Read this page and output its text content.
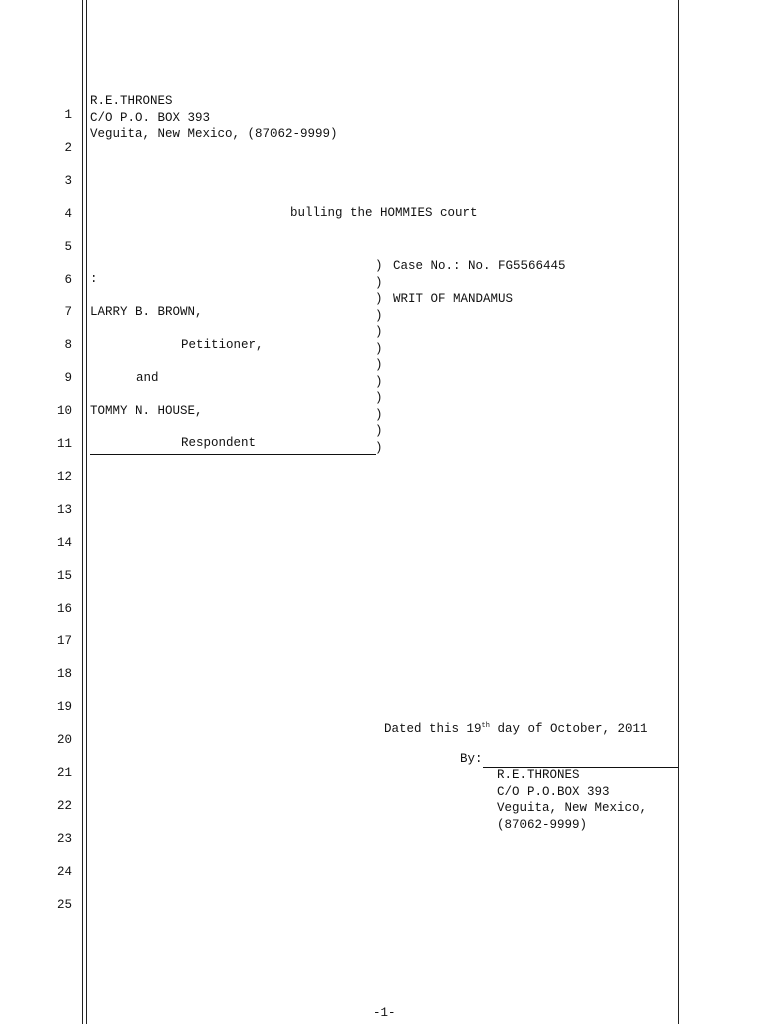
1
2
3
4
5
6
7
8
9
10
11
12
13
14
15
16
17
18
19
20
21
22
23
24
25
R.E.THRONES
C/O P.O. BOX 393
Veguita, New Mexico, (87062-9999)
bulling the HOMMIES court
:
LARRY B. BROWN,
Petitioner,
and
TOMMY N. HOUSE,
Respondent
)
)
)
)
)
)
)
)
)
)
)
)
Case No.: No. FG5566445
WRIT OF MANDAMUS
Dated this 19th day of October, 2011
By:
R.E.THRONES
C/O P.O.BOX 393
Veguita, New Mexico,
(87062-9999)
-1-
